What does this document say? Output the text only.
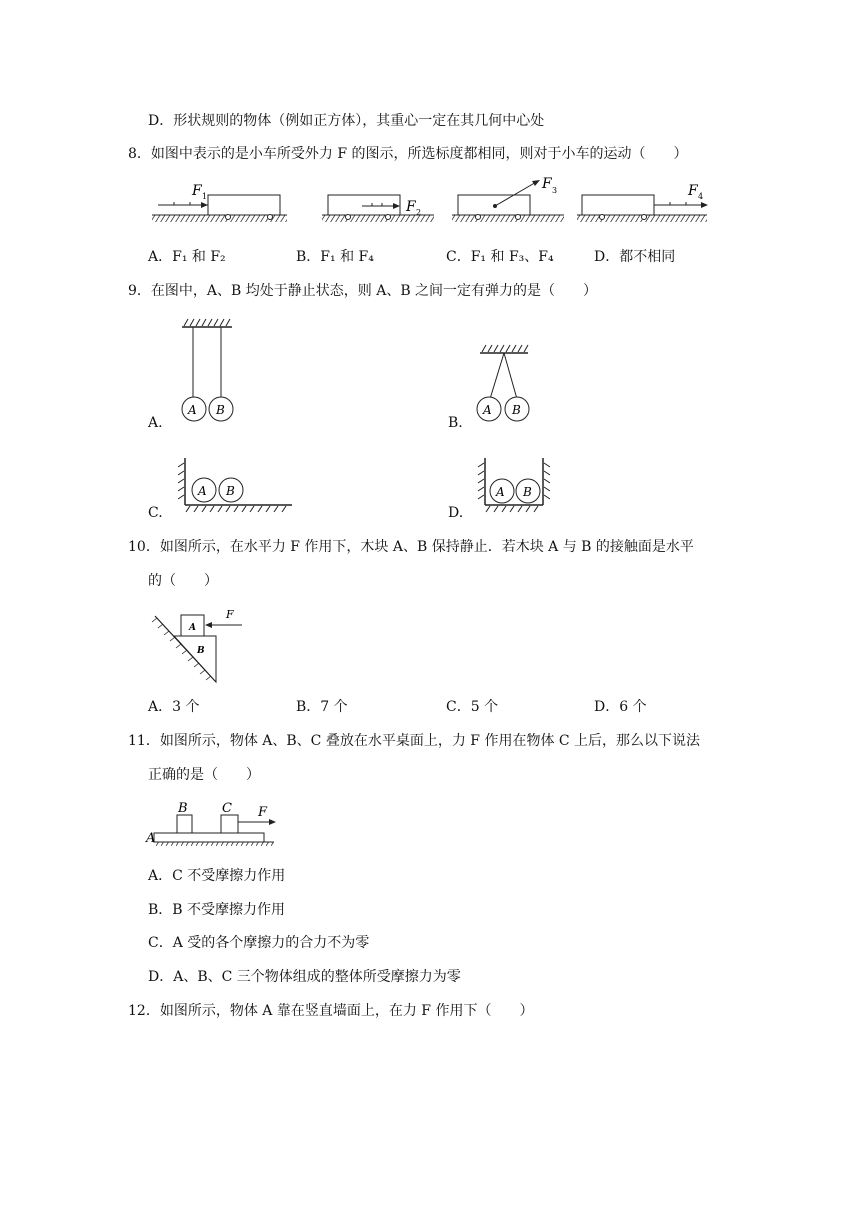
D．形状规则的物体（例如正方体），其重心一定在其几何中心处
8．如图中表示的是小车所受外力 F 的图示，所选标度都相同，则对于小车的运动（　　）
F 1
F 2
F 3	F 4
A．F₁ 和 F₂	B．F₁ 和 F₄	C．F₁ 和 F₃、F₄	D．都不相同
9．在图中，A、B 均处于静止状态，则 A、B 之间一定有弹力的是（　　）
A B	A B
A B	A B
A.	B.
C.	D.
10．如图所示，在水平力 F 作用下，木块 A、B 保持静止．若木块 A 与 B 的接触面是水平
的（　　）
F
A
B
A．3 个	B．7 个	C．5 个	D．6 个
11．如图所示，物体 A、B、C 叠放在水平桌面上，力 F 作用在物体 C 上后，那么以下说法
正确的是（　　）
B	C F
A
A．C 不受摩擦力作用
B．B 不受摩擦力作用
C．A 受的各个摩擦力的合力不为零
D．A、B、C 三个物体组成的整体所受摩擦力为零
12．如图所示，物体 A 靠在竖直墙面上，在力 F 作用下（　　）
